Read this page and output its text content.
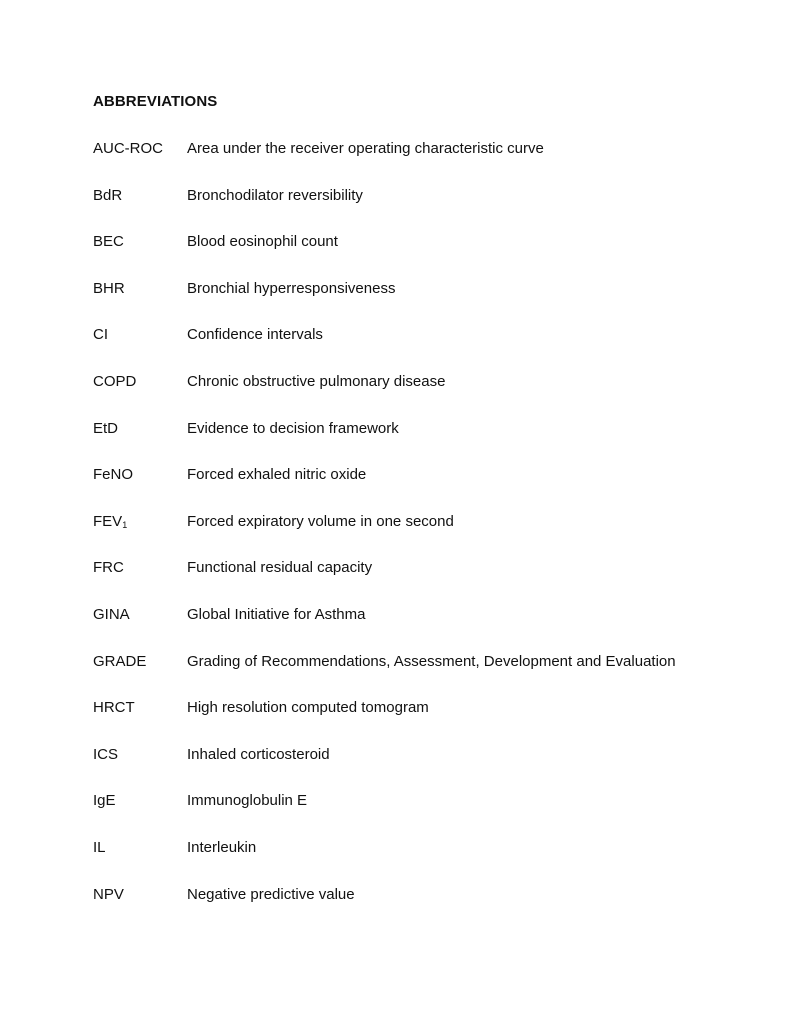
ABBREVIATIONS
AUC-ROC	Area under the receiver operating characteristic curve
BdR	Bronchodilator reversibility
BEC	Blood eosinophil count
BHR	Bronchial hyperresponsiveness
CI	Confidence intervals
COPD	Chronic obstructive pulmonary disease
EtD	Evidence to decision framework
FeNO	Forced exhaled nitric oxide
$FEV_1$	Forced expiratory volume in one second
FRC	Functional residual capacity
GINA	Global Initiative for Asthma
GRADE	Grading of Recommendations, Assessment, Development and Evaluation
HRCT	High resolution computed tomogram
ICS	Inhaled corticosteroid
IgE	Immunoglobulin E
IL	Interleukin
NPV	Negative predictive value
